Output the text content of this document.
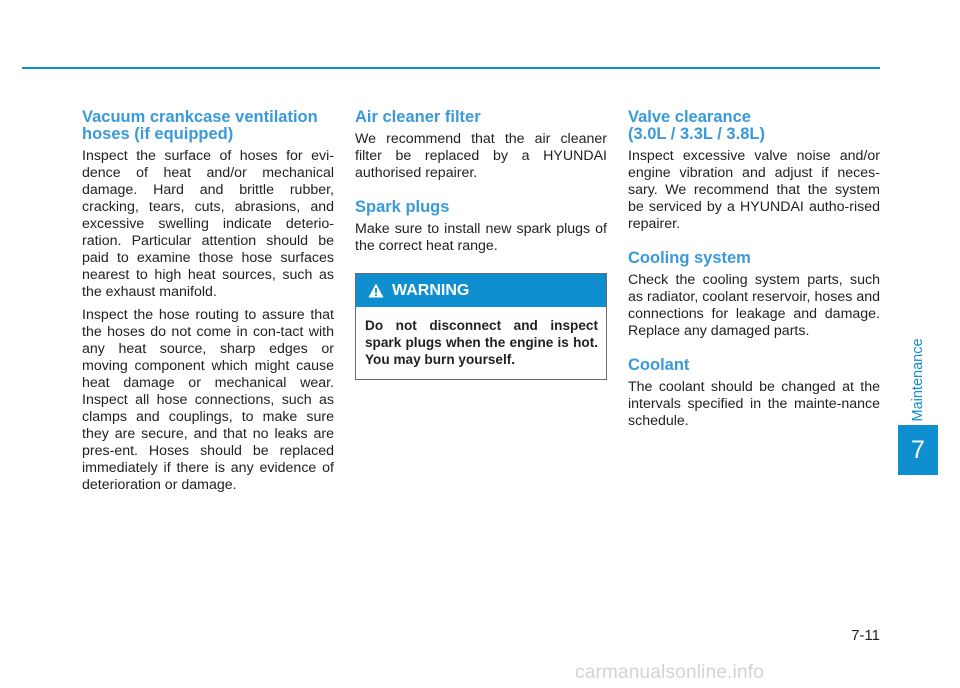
Vacuum crankcase ventilation
hoses (if equipped)

Inspect the surface of hoses for evi-dence of heat and/or mechanical damage. Hard and brittle rubber, cracking, tears, cuts, abrasions, and excessive swelling indicate deterio-ration. Particular attention should be paid to examine those hose surfaces nearest to high heat sources, such as the exhaust manifold.

Inspect the hose routing to assure that the hoses do not come in con-tact with any heat source, sharp edges or moving component which might cause heat damage or mechanical wear. Inspect all hose connections, such as clamps and couplings, to make sure they are secure, and that no leaks are pres-ent. Hoses should be replaced immediately if there is any evidence of deterioration or damage.

Air cleaner filter

We recommend that the air cleaner filter be replaced by a HYUNDAI authorised repairer.

Spark plugs

Make sure to install new spark plugs of the correct heat range.

WARNING
Do not disconnect and inspect spark plugs when the engine is hot. You may burn yourself.
Valve clearance
(3.0L / 3.3L / 3.8L)

Inspect excessive valve noise and/or engine vibration and adjust if neces-sary. We recommend that the system be serviced by a HYUNDAI autho-rised repairer.

Cooling system

Check the cooling system parts, such as radiator, coolant reservoir, hoses and connections for leakage and damage. Replace any damaged parts.

Coolant

The coolant should be changed at the intervals specified in the mainte-nance schedule.	Maintenance
7
7-11
carmanualsonline.info
